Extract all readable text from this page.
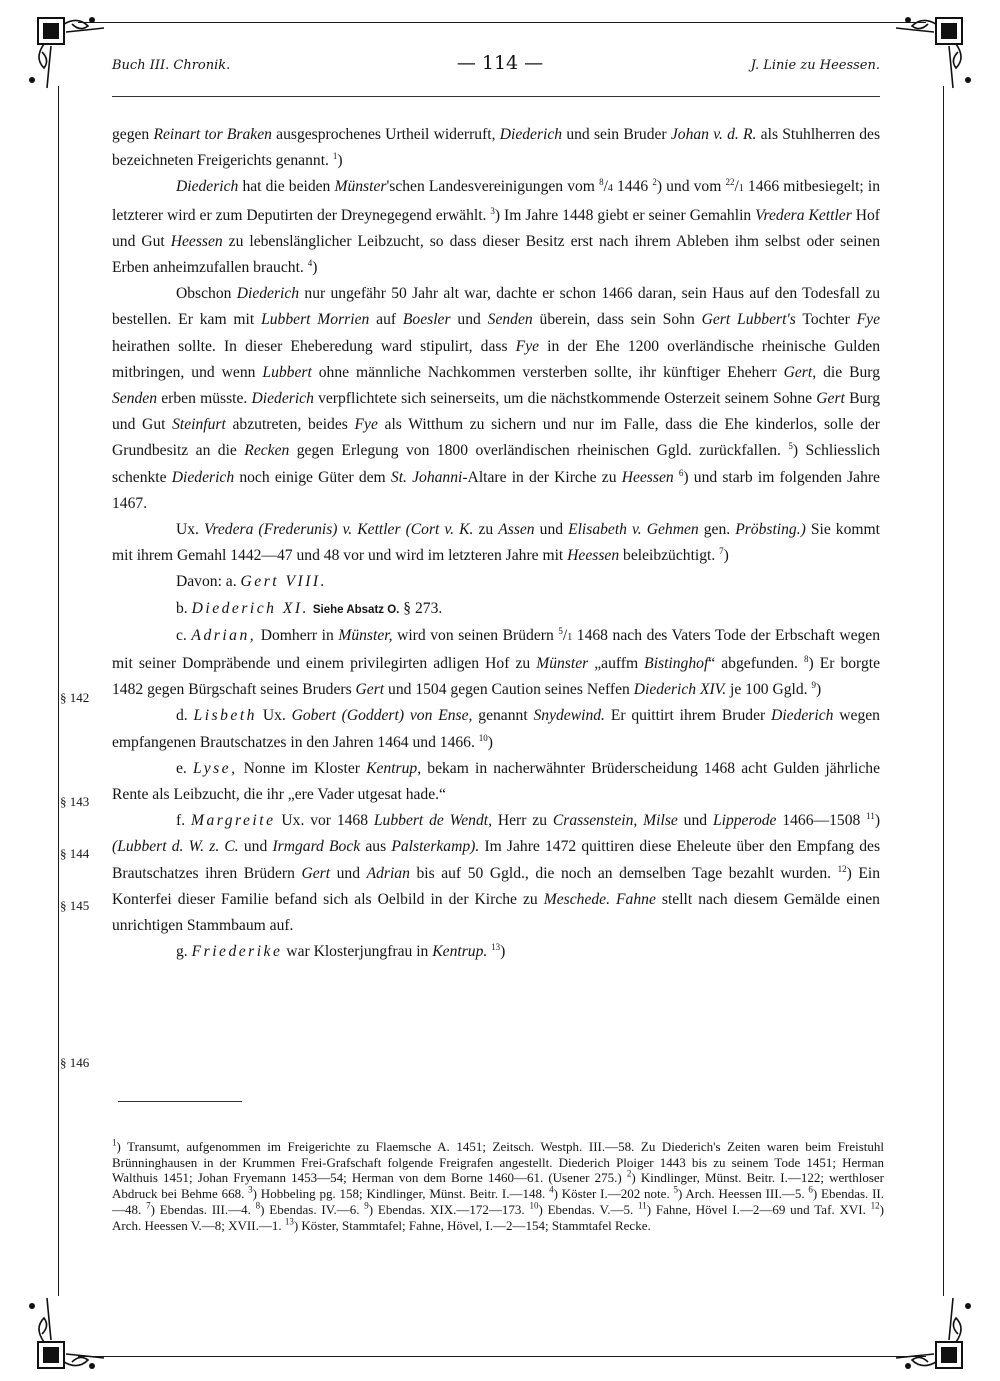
Buch III. Chronik.	— 114 —	J. Linie zu Heessen.
§ 142
§ 143
§ 144
§ 145
§ 146

gegen Reinart tor Braken ausgesprochenes Urtheil widerruft, Diederich und sein Bruder Johan v. d. R. als Stuhlherren des bezeichneten Freigerichts genannt. $^1$)

Diederich hat die beiden Münster'schen Landesvereinigungen vom $^8$/4 1446 $^2$) und vom $^{22}$/1 1466 mitbesiegelt; in letzterer wird er zum Deputirten der Dreynegegend erwählt. $^3$) Im Jahre 1448 giebt er seiner Gemahlin Vredera Kettler Hof und Gut Heessen zu lebenslänglicher Leibzucht, so dass dieser Besitz erst nach ihrem Ableben ihm selbst oder seinen Erben anheimzufallen braucht. $^4$)

Obschon Diederich nur ungefähr 50 Jahr alt war, dachte er schon 1466 daran, sein Haus auf den Todesfall zu bestellen. Er kam mit Lubbert Morrien auf Boesler und Senden überein, dass sein Sohn Gert Lubbert's Tochter Fye heirathen sollte. In dieser Eheberedung ward stipulirt, dass Fye in der Ehe 1200 overländische rheinische Gulden mitbringen, und wenn Lubbert ohne männliche Nachkommen versterben sollte, ihr künftiger Eheherr Gert, die Burg Senden erben müsste. Diederich verpflichtete sich seinerseits, um die nächstkommende Osterzeit seinem Sohne Gert Burg und Gut Steinfurt abzutreten, beides Fye als Witthum zu sichern und nur im Falle, dass die Ehe kinderlos, solle der Grundbesitz an die Recken gegen Erlegung von 1800 overländischen rheinischen Ggld. zurückfallen. $^5$) Schliesslich schenkte Diederich noch einige Güter dem St. Johanni-Altare in der Kirche zu Heessen $^6$) und starb im folgenden Jahre 1467.

Ux. Vredera (Frederunis) v. Kettler (Cort v. K. zu Assen und Elisabeth v. Gehmen gen. Pröbsting.) Sie kommt mit ihrem Gemahl 1442—47 und 48 vor und wird im letzteren Jahre mit Heessen beleibzüchtigt. $^7$)

Davon: a. Gert VIII.

b. Diederich XI. Siehe Absatz O. § 273.

c. Adrian, Domherr in Münster, wird von seinen Brüdern $^5$/1 1468 nach des Vaters Tode der Erbschaft wegen mit seiner Dompräbende und einem privilegirten adligen Hof zu Münster „auffm Bistinghof“ abgefunden. $^8$) Er borgte 1482 gegen Bürgschaft seines Bruders Gert und 1504 gegen Caution seines Neffen Diederich XIV. je 100 Ggld. $^9$)

d. Lisbeth Ux. Gobert (Goddert) von Ense, genannt Snydewind. Er quittirt ihrem Bruder Diederich wegen empfangenen Brautschatzes in den Jahren 1464 und 1466. $^{10}$)

e. Lyse, Nonne im Kloster Kentrup, bekam in nacherwähnter Brüderscheidung 1468 acht Gulden jährliche Rente als Leibzucht, die ihr „ere Vader utgesat hade.“

f. Margreite Ux. vor 1468 Lubbert de Wendt, Herr zu Crassenstein, Milse und Lipperode 1466—1508 $^{11}$) (Lubbert d. W. z. C. und Irmgard Bock aus Palsterkamp). Im Jahre 1472 quittiren diese Eheleute über den Empfang des Brautschatzes ihren Brüdern Gert und Adrian bis auf 50 Ggld., die noch an demselben Tage bezahlt wurden. $^{12}$) Ein Konterfei dieser Familie befand sich als Oelbild in der Kirche zu Meschede. Fahne stellt nach diesem Gemälde einen unrichtigen Stammbaum auf.

g. Friederike war Klosterjungfrau in Kentrup. $^{13}$)

$^1$) Transumt, aufgenommen im Freigerichte zu Flaemsche A. 1451; Zeitsch. Westph. III.—58. Zu Diederich's Zeiten waren beim Freistuhl Brünninghausen in der Krummen Frei-Grafschaft folgende Freigrafen angestellt. Diederich Ploiger 1443 bis zu seinem Tode 1451; Herman Walthuis 1451; Johan Fryemann 1453—54; Herman von dem Borne 1460—61. (Usener 275.) $^2$) Kindlinger, Münst. Beitr. I.—122; werthloser Abdruck bei Behme 668. $^3$) Hobbeling pg. 158; Kindlinger, Münst. Beitr. I.—148. $^4$) Köster I.—202 note. $^5$) Arch. Heessen III.—5. $^6$) Ebendas. II.—48. $^7$) Ebendas. III.—4. $^8$) Ebendas. IV.—6. $^9$) Ebendas. XIX.—172—173. $^{10}$) Ebendas. V.—5. $^{11}$) Fahne, Hövel I.—2—69 und Taf. XVI. $^{12}$) Arch. Heessen V.—8; XVII.—1. $^{13}$) Köster, Stammtafel; Fahne, Hövel, I.—2—154; Stammtafel Recke.
